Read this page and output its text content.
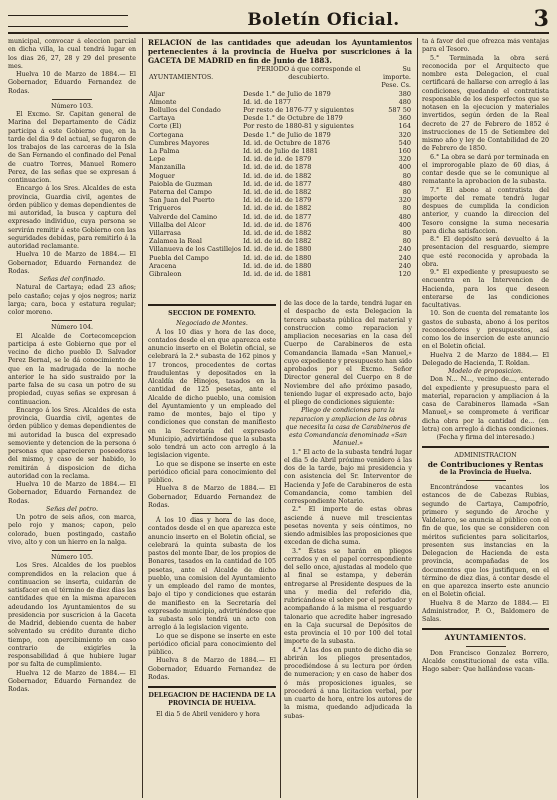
Boletín Oficial.	3

municipal, convocar á eleccion parcial en dicha villa, la cual tendrá lugar en los dias 26, 27, 28 y 29 del presente mes.

Huelva 10 de Marzo de 1884.— El Gobernador, Eduardo Fernandez de Rodas.

Número 103.

El Excmo. Sr. Capitan general de Marina del Departamento de Cádiz participa á este Gobierno que, en la tarde del dia 9 del actual, se fugaron de los trabajos de las carceras de la Isla de San Fernando el confinado del Penal de cuatro Torres, Manuel Romero Perez, de las señas que se expresan á continuacion.

Encargo á los Sres. Alcaldes de esta provincia, Guardia civil, agentes de órden público y demas dependientes de mi autoridad, la busca y captura del expresado individuo, cuya persona se servirán remitir á este Gobierno con las seguridades debidas, para remitirlo á la autoridad reclamante.

Huelva 10 de Marzo de 1884.— El Gobernador, Eduardo Fernandez de Rodas.

Señas del confinado.

Natural de Cartaya; edad 23 años; pelo castaño; cejas y ojos negros; nariz larga; cara, boca y estatura regular; color moreno.

Número 104.

El Alcalde de Cortecomcepcion participa á este Gobierno que por el vecino de dicho pueblo D. Salvador Perez Bernal, se le dá conocimiento de que en la madrugada de la noche anterior le ha sido sustraido por la parte falsa de su casa un potro de su propiedad, cuyas señas se expresan á continuacion.

Encargo á los Sres. Alcaldes de esta provincia, Guardia civil, agentes de órden público y demas dependientes de mi autoridad la busca del expresado semoviente y detencion de la persona ó personas que aparecieren poseedoras del mismo, y caso de ser habido, lo remitirán á disposicion de dicha autoridad con la reclama.

Huelva 10 de Marzo de 1884.— El Gobernador, Eduardo Fernandez de Rodas.

Señas del potro.

Un potro de seis años, con marca, pelo rojo y manos; capon, pelo colorado, buen postingado, castaño vivo, alto y con un hierro en la nalga.

Número 105.

Los Sres. Alcaldes de los pueblos comprendidos en la relacion que á continuacion se inserta, cuidarán de satisfacer en el término de diez dias las cantidades que en la misma aparecen adeudando los Ayuntamientos de su presidencia por suscricion á la Gaceta de Madrid, debiendo cuenta de haber solventado su crédito durante dicho tiempo, con apercibimiento en caso contrario de exigirles la responsabilidad á que hubiere lugar por su falta de cumplimiento.

Huelva 12 de Marzo de 1884.— El Gobernador, Eduardo Fernandez de Rodas.

RELACION de las cantidades que adeudan los Ayuntamientos pertenecientes á la provincia de Huelva por suscriciones á la GACETA DE MADRID en fin de Junio de 1883.

AYUNTAMIENTOS.	PERIODO á que corresponde el descubierto.	Su importe.
		Pese. Cs.
Aljar	Desde 1.° de Julio de 1879	380
Almonte	Id. id. de 1877	480
Bollullos del Condado	Por resto de 1876-77 y siguientes	587 50
Cartaya	Desde 1.° de Octubre de 1879	360
Corte (El)	Por resto de 1880-81 y siguientes	164
Cortegana	Desde 1.° de Julio de 1879	320
Cumbres Mayores	Id. id. de Octubre de 1876	540
La Palma	Id. id. de Julio de 1881	160
Lepe	Id. id. de id. de 1879	320
Manzanilla	Id. id. de id. de 1878	400
Moguer	Id. id. de id. de 1882	80
Paiobla de Guzman	Id. id. de id. de 1877	480
Paterna del Campo	Id. id. de id. de 1882	80
San Juan del Puerto	Id. id. de id. de 1879	320
Trigueros	Id. id. de id. de 1882	80
Valverde del Camino	Id. id. de id. de 1877	480
Villalba del Alcor	Id. id. de id. de 1876	400
Villarrasa	Id. id. de id. de 1882	80
Zalamea la Real	Id. id. de id. de 1882	80
Villanueva de los Castillejos	Id. id. de id. de 1880	240
Puebla del Campo	Id. id. de id. de 1880	240
Aracena	Id. id. de id. de 1880	240
Gibraleon	Id. id. de id. de 1881	120

SECCION DE FOMENTO.

Negociado de Montes.

Á los 10 dias y hora de las doce, contados desde el en que aparezca este anuncio inserto en el Boletin oficial, se celebrará la 2.ª subasta de 162 pinos y 17 troncos, procedentes de cortas fraudulentas y depositados en la Alcaldía de Hinojos, tasados en la cantidad de 125 pesetas, ante el Alcalde de dicho pueblo, una comision del Ayuntamiento y un empleado del ramo de montes, bajo el tipo y condiciones que constan de manifiesto en la Secretaría del expresado Municipio, advirtiéndose que la subasta solo tendrá un acto con arreglo á la legislacion vigente.

Lo que se dispone se inserte en este periódico oficial para conocimiento del público.

Huelva 8 de Marzo de 1884.— El Gobernador, Eduardo Fernandez de Rodas.

Á los 10 dias y hora de las doce, contados desde el en que aparezca este anuncio inserto en el Boletin oficial, se celebrará la quinta subasta de los pastos del monte Ibar, de los propios de Bonares, tasados en la cantidad de 105 pesetas, ante el Alcalde de dicho pueblo, una comision del Ayuntamiento y un empleado del ramo de montes, bajo el tipo y condiciones que estarán de manifiesto en la Secretaría del expresado municipio, advirtiéndose que la subasta solo tendrá un acto con arreglo á la legislacion vigente.

Lo que se dispone se inserte en este periódico oficial para conocimiento del público.

Huelva 8 de Marzo de 1884.— El Gobernador, Eduardo Fernandez de Rodas.

DELEGACION DE HACIENDA DE LA PROVINCIA DE HUELVA.

El dia 5 de Abril venidero y hora

de las doce de la tarde, tendrá lugar en el despacho de esta Delegacion la tercera subasta pública del material y construccion como reparacion y ampliacion necesarias en la casa del Cuerpo de Carabineros de esta Comandancia llamada «San Manuel,» cuyo expediente y presupuesto han sido aprobados por el Excmo. Señor Director general del Cuerpo en 8 de Noviembre del año próximo pasado, teniendo lugar el expresado acto, bajo el pliego de condiciones siguiente:

Pliego de condiciones para la reparacion y ampliacion de las obras que necesita la casa de Carabineros de esta Comandancia denominada «San Manuel.»

1.° El acto de la subasta tendrá lugar el dia 5 de Abril próximo venidero á las dos de la tarde, bajo mi presidencia y con asistencia del Sr. Interventor de Hacienda y Jefe de Carabineros de esta Comandancia, como tambien del correspondiente Notario.

2.° El importe de estas obras asciende á nueve mil trescientas pesetas noventa y seis céntimos, no siendo admisibles las proposiciones que excedan de dicha suma.

3.° Éstas se harán en pliegos cerrados y en el papel correspondiente del sello once, ajustadas al modelo que al final se estampa, y deberán entregarse al Presidente despues de la una y media del referido dia, rubricándose el sobre por el portador y acompañando á la misma el resguardo talonario que acredite haber ingresado en la Caja sucursal de Depósitos de esta provincia el 10 por 100 del total importe de la subasta.

4.° A las dos en punto de dicho dia se abrirán los pliegos presentados, procediéndose á su lectura por órden de numeracion; y en caso de haber dos ó más proposiciones iguales, se procederá á una licitacion verbal, por un cuarto de hora, entre los autores de la misma, quedando adjudicada la subas-

ta á favor del que ofrezca más ventajas para el Tesoro.

5.° Terminada la obra será reconocida por el Arquitecto que nombre esta Delegacion, el cual certificará de hallarse con arreglo á las condiciones, quedando el contratista responsable de los desperfectos que se notasen en la ejecucion y materiales invertidos, según órden de la Real decreto de 27 de Febrero de 1852 é instrucciones de 15 de Setiembre del mismo año y ley de Contabilidad de 20 de Febrero de 1850.

6.° La obra se dará por terminada en el improrogable plazo de 60 dias, á contar desde que se le comunique al rematante la aprobacion de la subasta.

7.° El abono al contratista del importe del remate tendrá lugar despues de cumplida la condicion anterior, y cuando la direccion del Tesoro consigne la suma necesaria para dicha satisfaccion.

8.° El depósito será devuelto á la presentacion del resguardo, siempre que esté reconocida y aprobada la obra.

9.° El expediente y presupuesto se encuentra en la Intervencion de Hacienda, para los que deseen enterarse de las condiciones facultativas.

10. Son de cuenta del rematante los gastos de subasta, abono á los peritos reconocedores y presupuestos, así como los de insercion de este anuncio en el Boletin oficial.

Huelva 2 de Marzo de 1884.— El Delegado de Hacienda, T. Roldan.

Modelo de proposicion.

Don N... N..., vecino de..., enterado del expediente y presupuesto para el material, reparacion y ampliacion á la casa de Carabineros llamada «San Manuel,» se compromete á verificar dicha obra por la cantidad de... (en letra) con arreglo á dichas condiciones.

(Fecha y firma del interesado.)

ADMINISTRACION

de Contribuciones y Rentas

de la Provincia de Huelva.

Encontrándose vacantes los estancos de de Cabezas Rubias, segundo de Cartaya, Campofrío, primero y segundo de Aroche y Valdelarco, se anuncia al público con el fin de que, los que se consideren con méritos suficientes para solicitarlos, presenten sus instancias en la Delegacion de Hacienda de esta provincia, acompañadas de los documentos que los justifiquen, en el término de diez dias, á contar desde el en que aparezca inserto este anuncio en el Boletin oficial.

Huelva 8 de Marzo de 1884.— El Administrador, P. O., Baldomero de Salas.

AYUNTAMIENTOS.

Don Francisco Gonzalez Borrero, Alcalde constitucional de esta villa. Hago saber: Que hallándose vacan-
